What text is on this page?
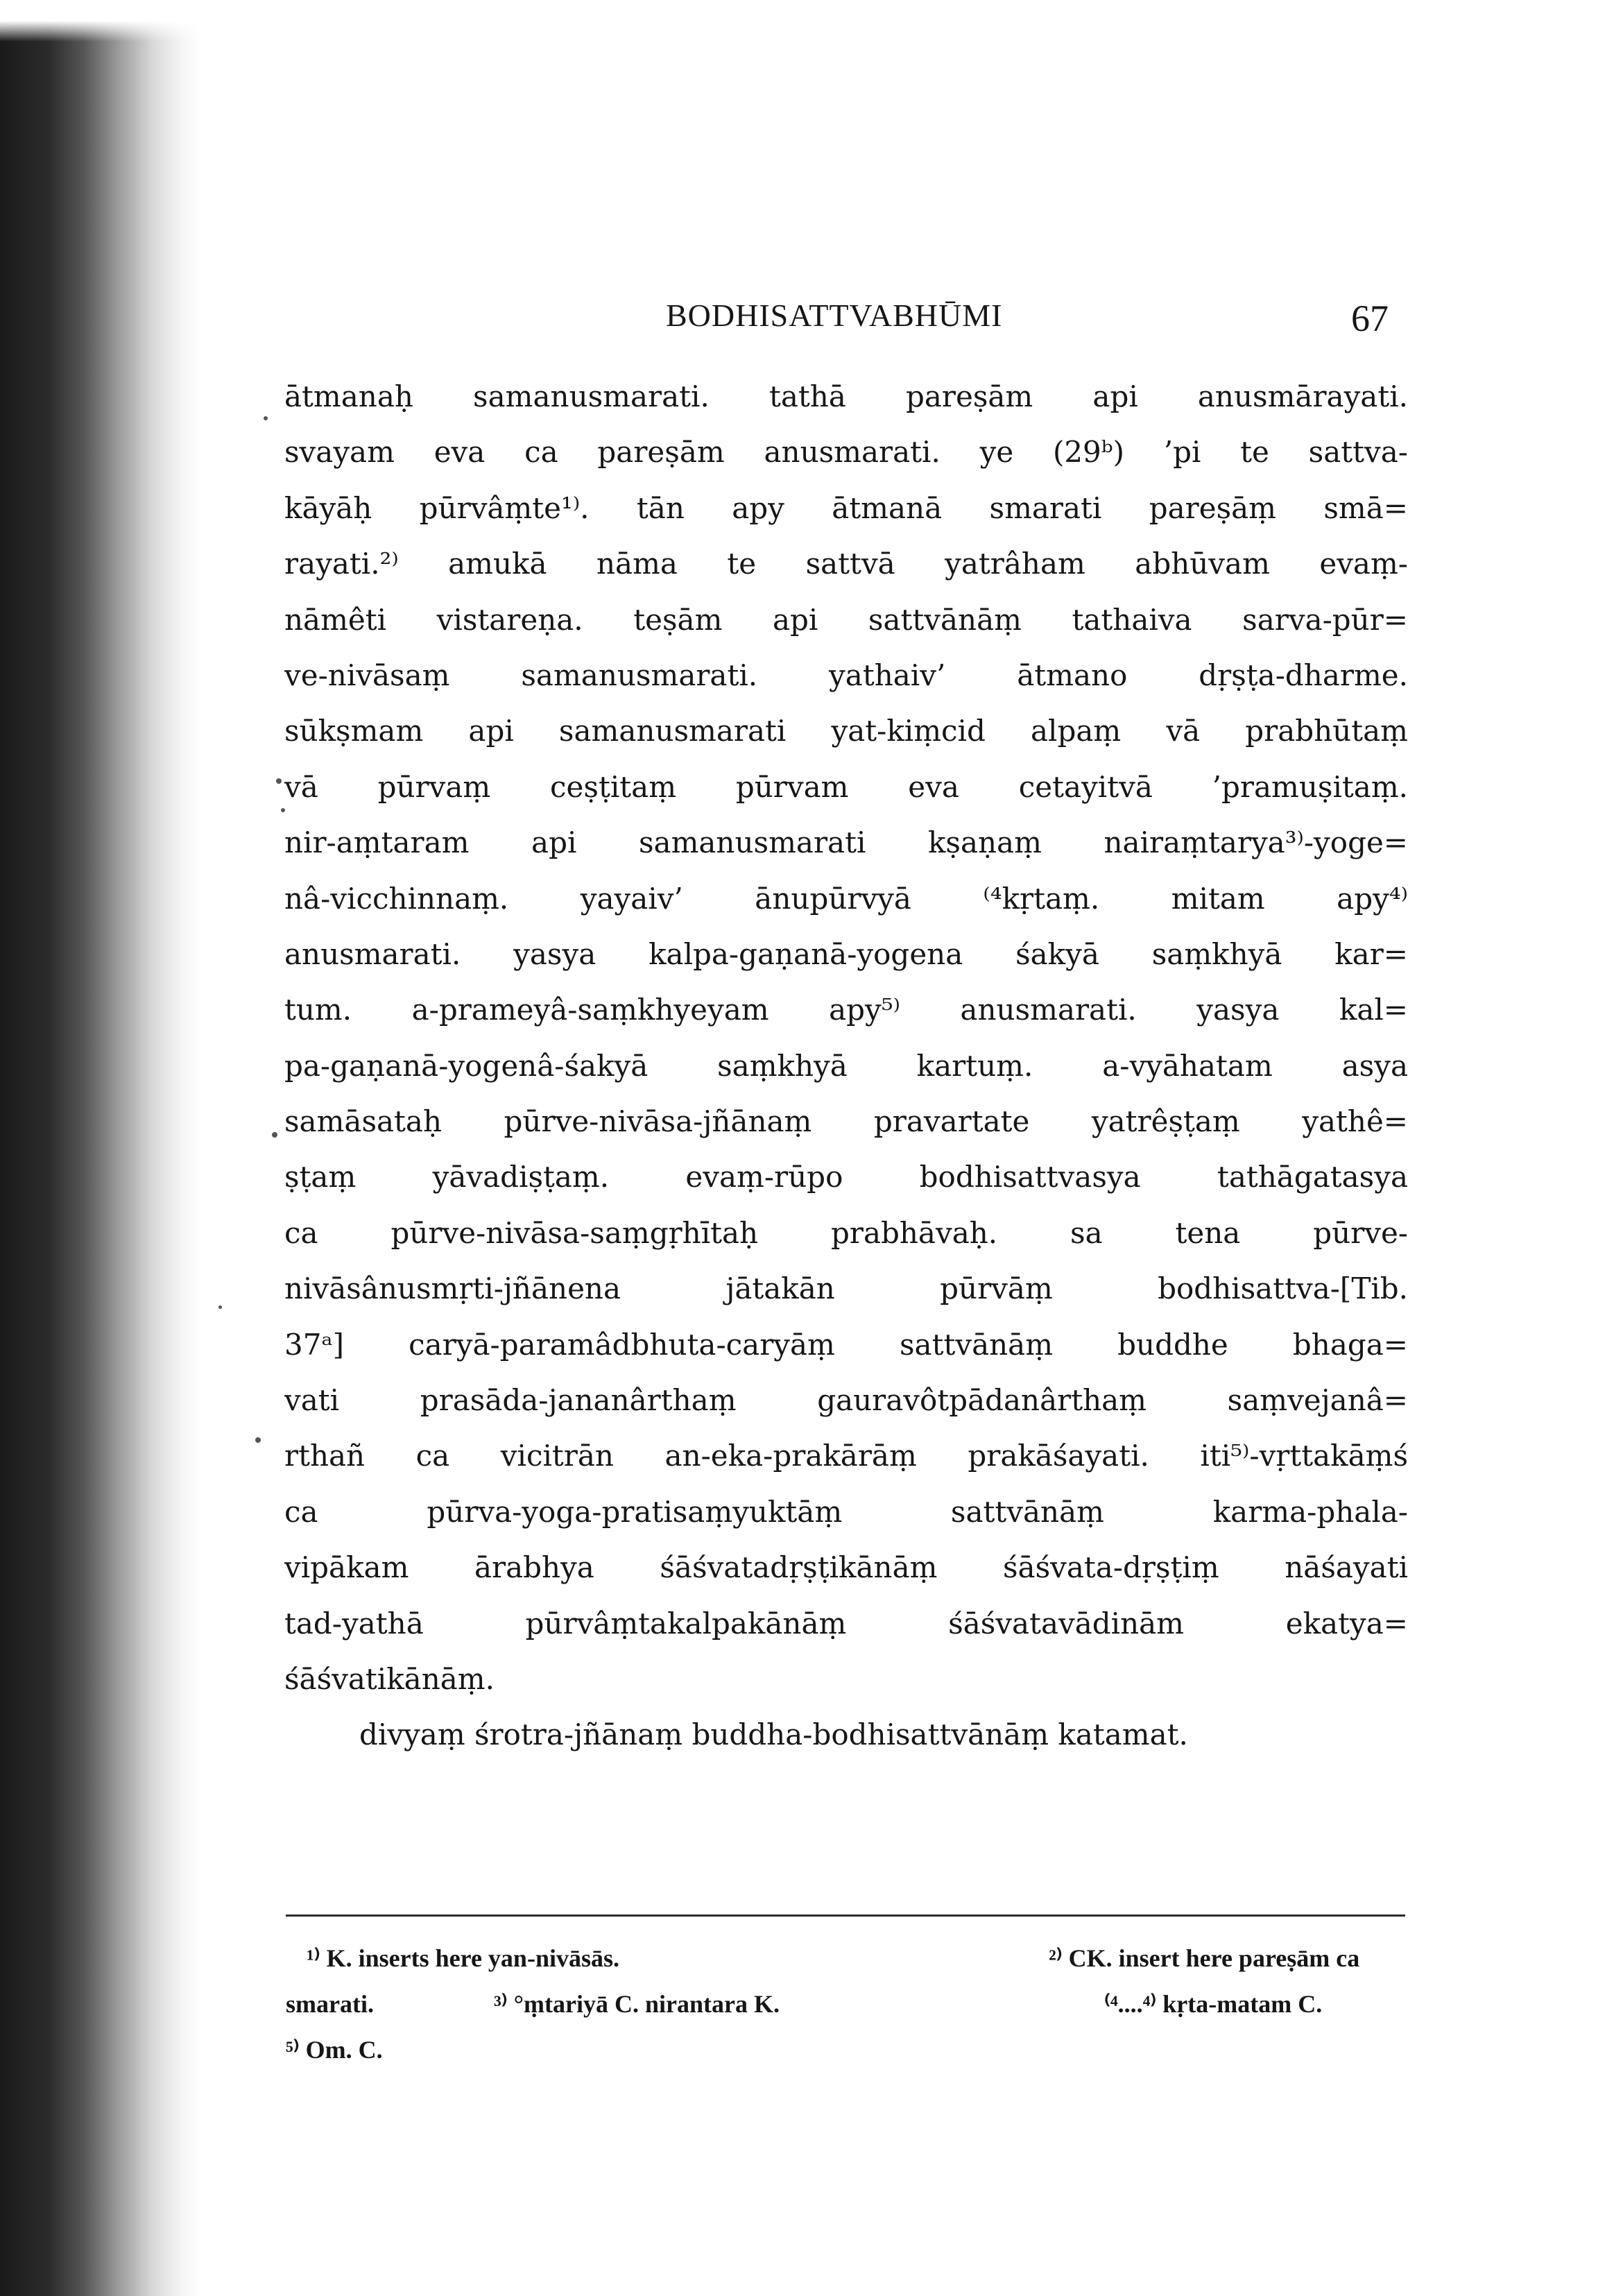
BODHISATTVABHŪMI	67
ātmanaḥ samanusmarati. tathā pareṣām api anusmārayati.
svayam eva ca pareṣām anusmarati. ye (29ᵇ) ’pi te sattva-
kāyāḥ pūrvâṃte¹⁾. tān apy ātmanā smarati pareṣāṃ smā=
rayati.²⁾ amukā nāma te sattvā yatrâham abhūvam evaṃ-
nāmêti vistareṇa. teṣām api sattvānāṃ tathaiva sarva-pūr=
ve-nivāsaṃ samanusmarati. yathaiv’ ātmano dṛṣṭa-dharme.
sūkṣmam api samanusmarati yat-kiṃcid alpaṃ vā prabhūtaṃ
vā pūrvaṃ ceṣṭitaṃ pūrvam eva cetayitvā ’pramuṣitaṃ.
nir-aṃtaram api samanusmarati kṣaṇaṃ nairaṃtarya³⁾-yoge=
nâ-vicchinnaṃ. yayaiv’ ānupūrvyā ⁽⁴kṛtaṃ. mitam apy⁴⁾
anusmarati. yasya kalpa-gaṇanā-yogena śakyā saṃkhyā kar=
tum. a-prameyâ-saṃkhyeyam apy⁵⁾ anusmarati. yasya kal=
pa-gaṇanā-yogenâ-śakyā saṃkhyā kartuṃ. a-vyāhatam asya
samāsataḥ pūrve-nivāsa-jñānaṃ pravartate yatrêṣṭaṃ yathê=
ṣṭaṃ yāvadiṣṭaṃ. evaṃ-rūpo bodhisattvasya tathāgatasya
ca pūrve-nivāsa-saṃgṛhītaḥ prabhāvaḥ. sa tena pūrve-
nivāsânusmṛti-jñānena jātakān pūrvāṃ bodhisattva-[Tib.
37ᵃ] caryā-paramâdbhuta-caryāṃ sattvānāṃ buddhe bhaga=
vati prasāda-jananârthaṃ gauravôtpādanârthaṃ saṃvejanâ=
rthañ ca vicitrān an-eka-prakārāṃ prakāśayati. iti⁵⁾-vṛttakāṃś
ca pūrva-yoga-pratisaṃyuktāṃ sattvānāṃ karma-phala-
vipākam ārabhya śāśvatadṛṣṭikānāṃ śāśvata-dṛṣṭiṃ nāśayati
tad-yathā pūrvâṃtakalpakānāṃ śāśvatavādinām ekatya=
śāśvatikānāṃ.
divyaṃ śrotra-jñānaṃ buddha-bodhisattvānāṃ katamat.
¹⁾ K. inserts here yan-nivāsās.	²⁾ CK. insert here pareṣām ca
smarati.	³⁾ °ṃtariyā C. nirantara K.	⁽⁴....⁴⁾ kṛta-matam C.
⁵⁾ Om. C.
